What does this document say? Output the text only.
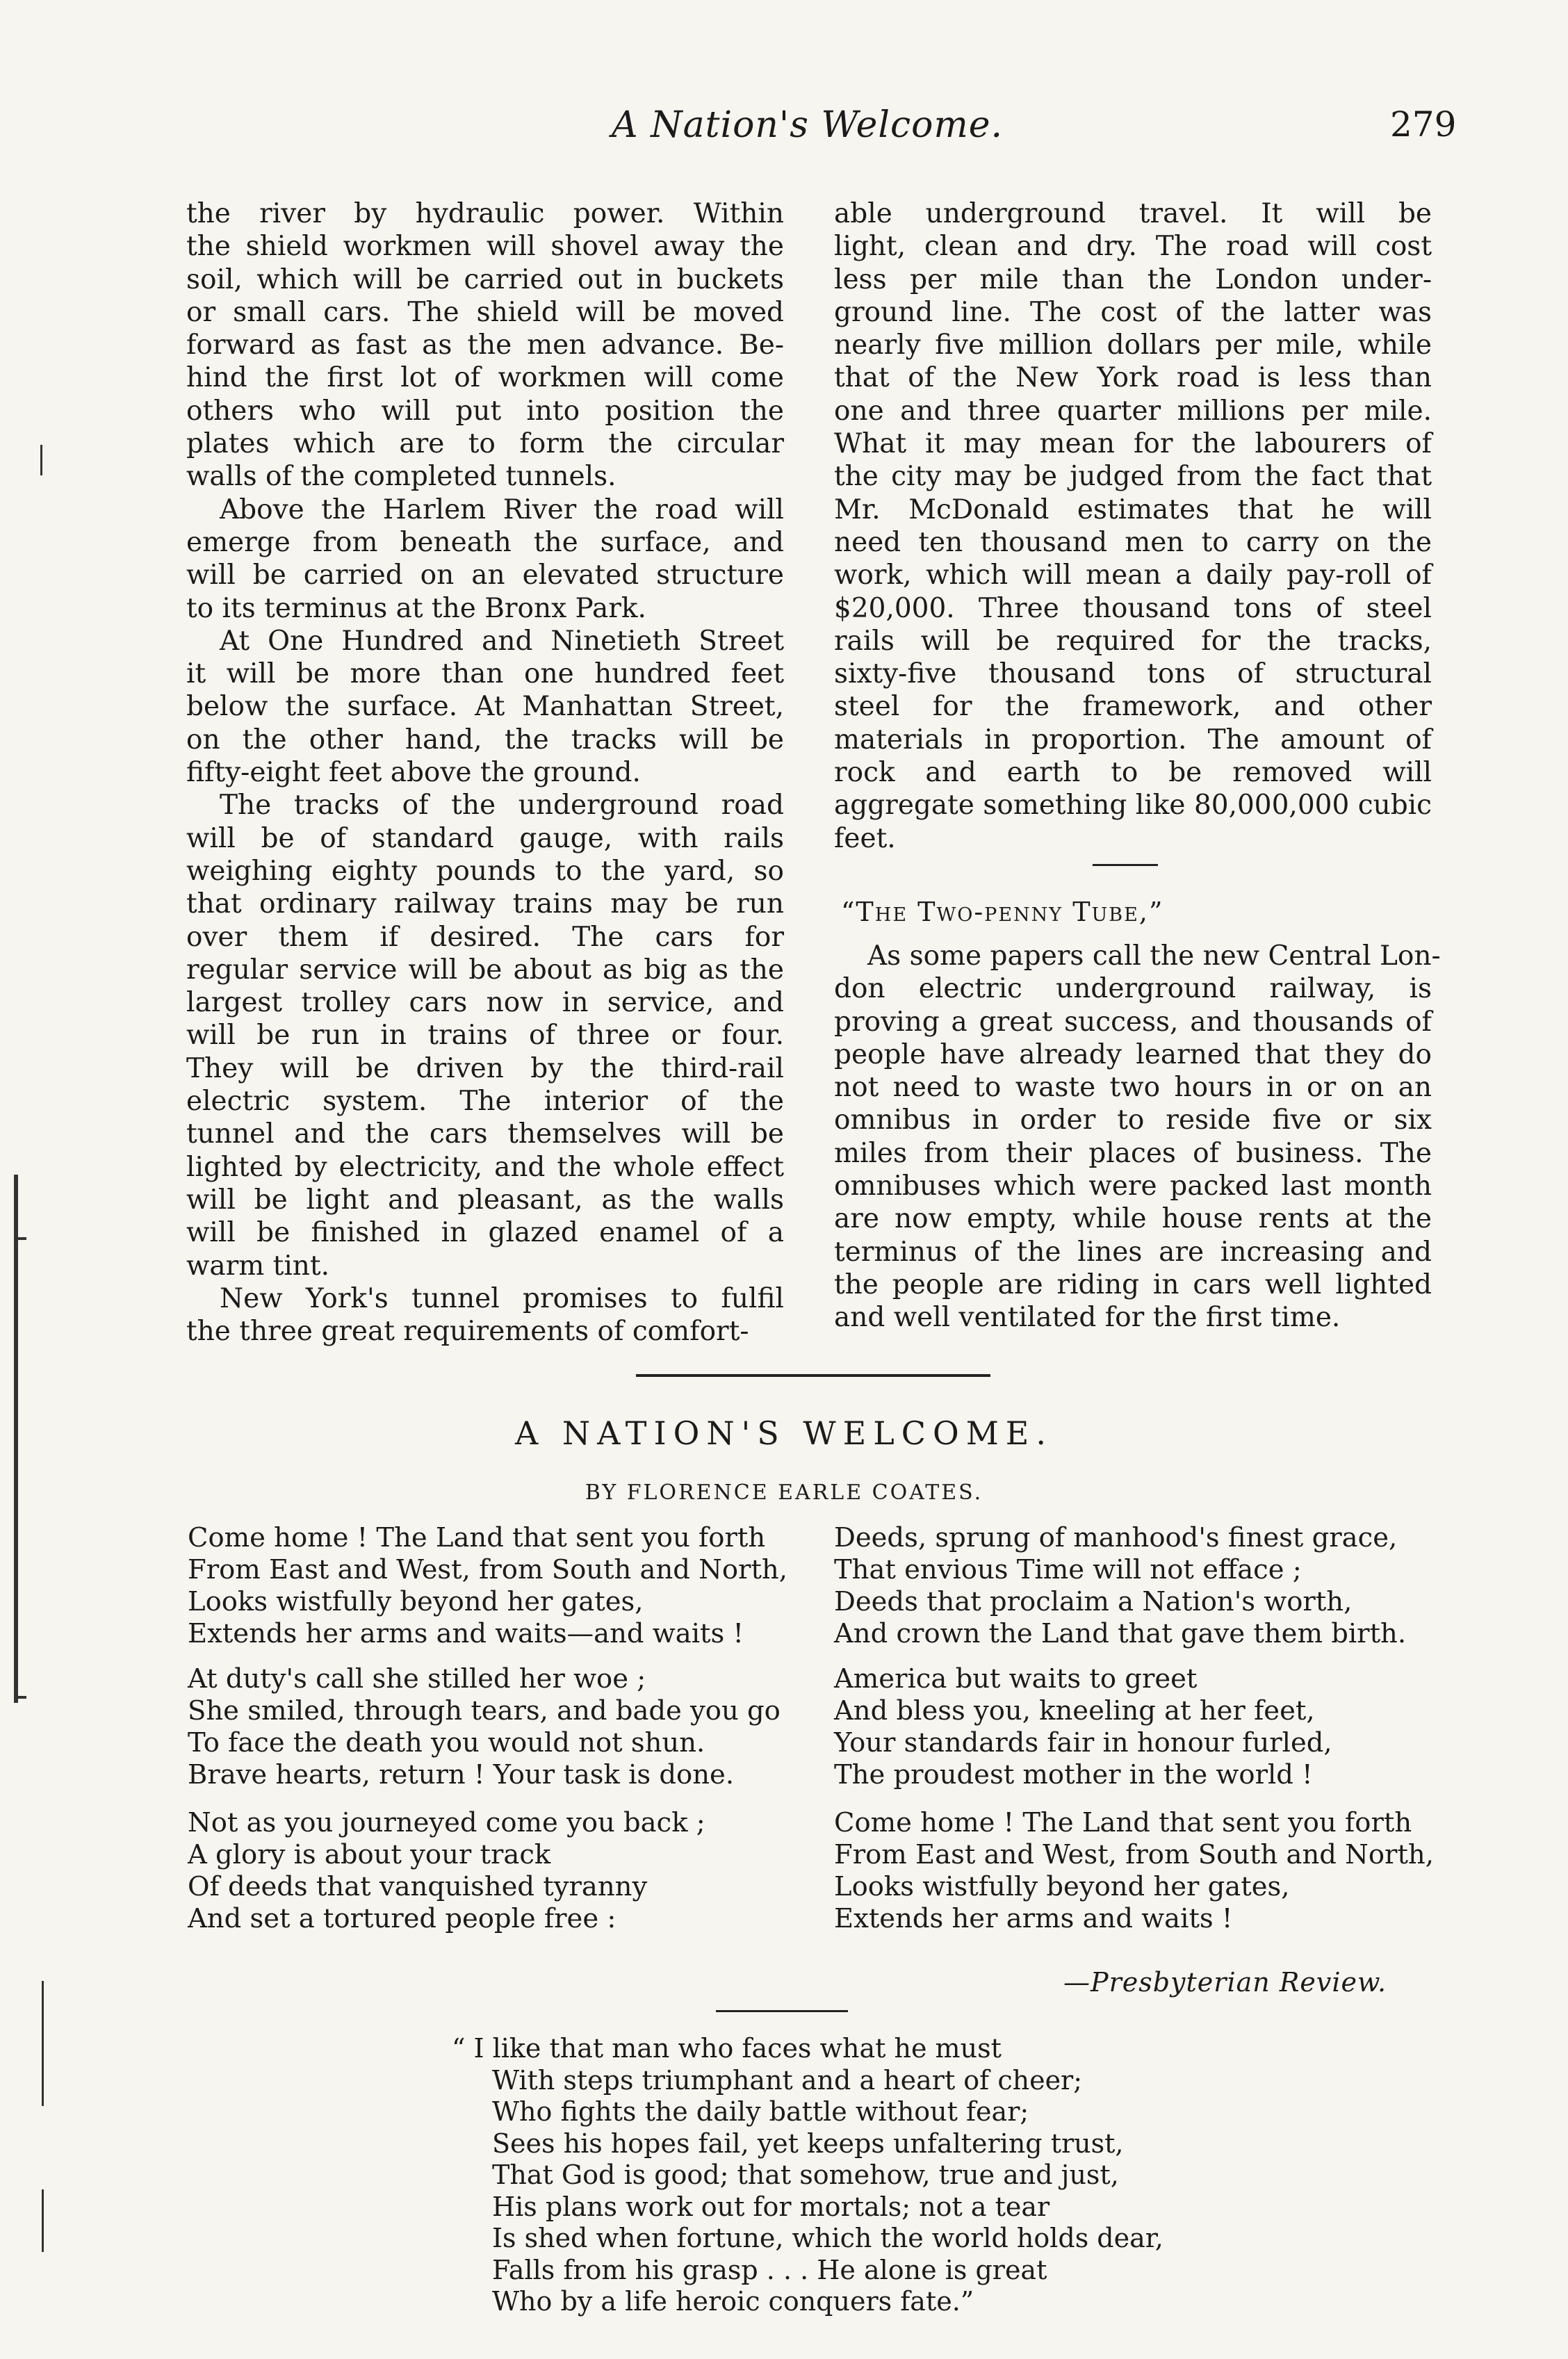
A Nation's Welcome.	279

the river by hydraulic power. Within
the shield workmen will shovel away the
soil, which will be carried out in buckets
or small cars. The shield will be moved
forward as fast as the men advance. Be-
hind the first lot of workmen will come
others who will put into position the
plates which are to form the circular
walls of the completed tunnels.

Above the Harlem River the road will
emerge from beneath the surface, and
will be carried on an elevated structure
to its terminus at the Bronx Park.

At One Hundred and Ninetieth Street
it will be more than one hundred feet
below the surface. At Manhattan Street,
on the other hand, the tracks will be
fifty-eight feet above the ground.

The tracks of the underground road
will be of standard gauge, with rails
weighing eighty pounds to the yard, so
that ordinary railway trains may be run
over them if desired. The cars for
regular service will be about as big as the
largest trolley cars now in service, and
will be run in trains of three or four.
They will be driven by the third-rail
electric system. The interior of the
tunnel and the cars themselves will be
lighted by electricity, and the whole effect
will be light and pleasant, as the walls
will be finished in glazed enamel of a
warm tint.

New York's tunnel promises to fulfil
the three great requirements of comfort-

able underground travel. It will be
light, clean and dry. The road will cost
less per mile than the London under-
ground line. The cost of the latter was
nearly five million dollars per mile, while
that of the New York road is less than
one and three quarter millions per mile.
What it may mean for the labourers of
the city may be judged from the fact that
Mr. McDonald estimates that he will
need ten thousand men to carry on the
work, which will mean a daily pay-roll of
$20,000. Three thousand tons of steel
rails will be required for the tracks,
sixty-five thousand tons of structural
steel for the framework, and other
materials in proportion. The amount of
rock and earth to be removed will
aggregate something like 80,000,000 cubic
feet.

“The Two-penny Tube,”

As some papers call the new Central Lon-
don electric underground railway, is
proving a great success, and thousands of
people have already learned that they do
not need to waste two hours in or on an
omnibus in order to reside five or six
miles from their places of business. The
omnibuses which were packed last month
are now empty, while house rents at the
terminus of the lines are increasing and
the people are riding in cars well lighted
and well ventilated for the first time.

A NATION'S WELCOME.
BY FLORENCE EARLE COATES.
Come home ! The Land that sent you forth
From East and West, from South and North,
Looks wistfully beyond her gates,
Extends her arms and waits—and waits !
At duty's call she stilled her woe ;
She smiled, through tears, and bade you go
To face the death you would not shun.
Brave hearts, return ! Your task is done.
Not as you journeyed come you back ;
A glory is about your track
Of deeds that vanquished tyranny
And set a tortured people free :
Deeds, sprung of manhood's finest grace,
That envious Time will not efface ;
Deeds that proclaim a Nation's worth,
And crown the Land that gave them birth.
America but waits to greet
And bless you, kneeling at her feet,
Your standards fair in honour furled,
The proudest mother in the world !
Come home ! The Land that sent you forth
From East and West, from South and North,
Looks wistfully beyond her gates,
Extends her arms and waits !
—Presbyterian Review.
“ I like that man who faces what he must
With steps triumphant and a heart of cheer;
Who fights the daily battle without fear;
Sees his hopes fail, yet keeps unfaltering trust,
That God is good; that somehow, true and just,
His plans work out for mortals; not a tear
Is shed when fortune, which the world holds dear,
Falls from his grasp . . . He alone is great
Who by a life heroic conquers fate.”
